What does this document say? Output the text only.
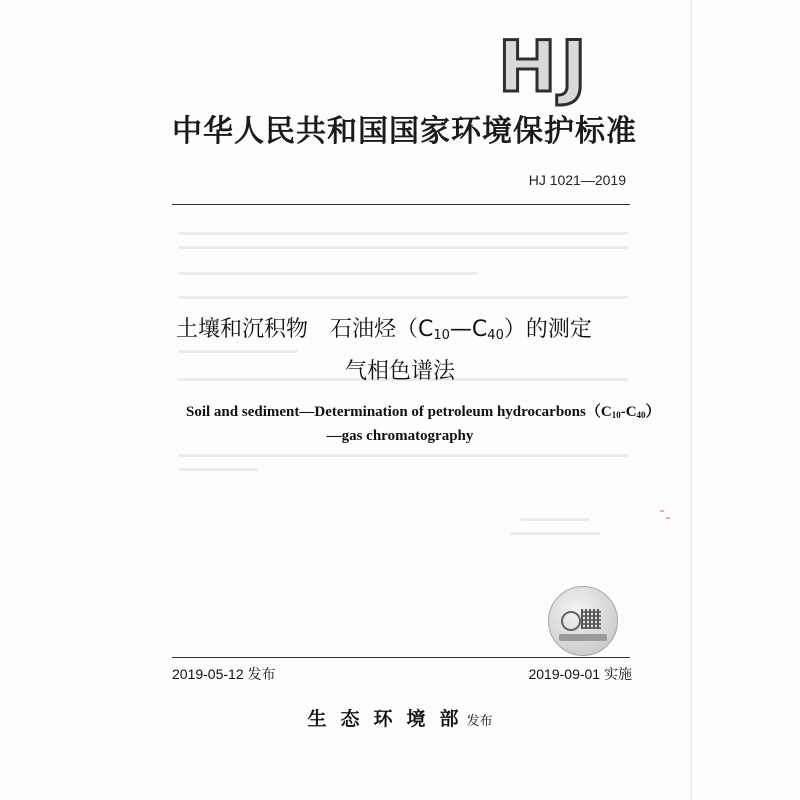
HJ
中华人民共和国国家环境保护标准
HJ 1021—2019
土壤和沉积物　石油烃$(C_{10}—C_{40})$的测定
气相色谱法
Soil and sediment—Determination of petroleum $hydrocarbons(C_{10}-C_{40})$
—gas chromatography
2019-05-12 发布	2019-09-01 实施
生态环境部发布
